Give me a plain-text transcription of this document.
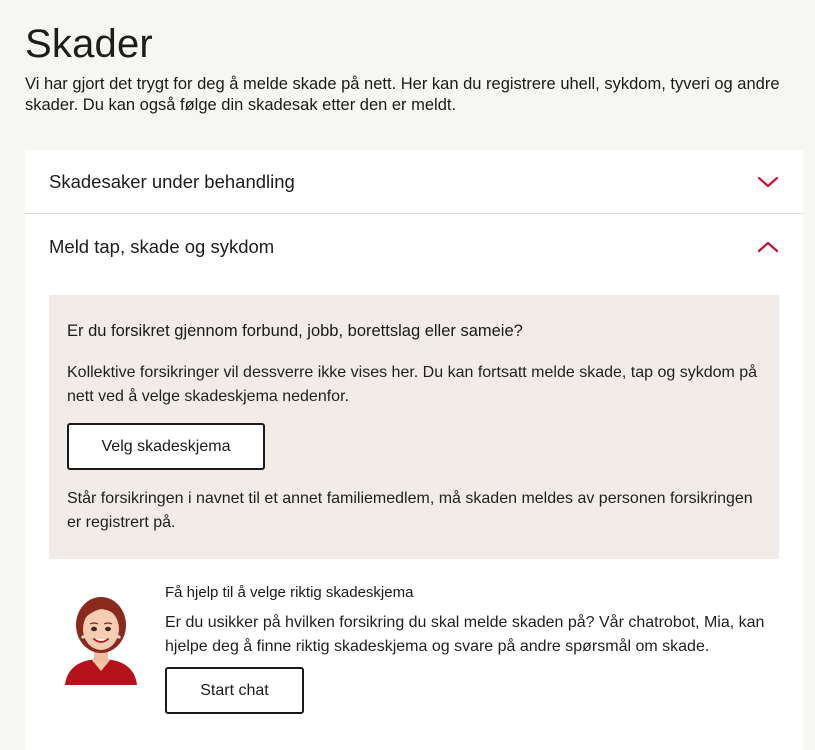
Skader

Vi har gjort det trygt for deg å melde skade på nett. Her kan du registrere uhell, sykdom, tyveri og andre skader. Du kan også følge din skadesak etter den er meldt.

Skadesaker under behandling
Meld tap, skade og sykdom

Er du forsikret gjennom forbund, jobb, borettslag eller sameie?

Kollektive forsikringer vil dessverre ikke vises her. Du kan fortsatt melde skade, tap og sykdom på nett ved å velge skadeskjema nedenfor.

Velg skadeskjema

Står forsikringen i navnet til et annet familiemedlem, må skaden meldes av personen forsikringen er registrert på.

Få hjelp til å velge riktig skadeskjema

Er du usikker på hvilken forsikring du skal melde skaden på? Vår chatrobot, Mia, kan hjelpe deg å finne riktig skadeskjema og svare på andre spørsmål om skade.

Start chat
